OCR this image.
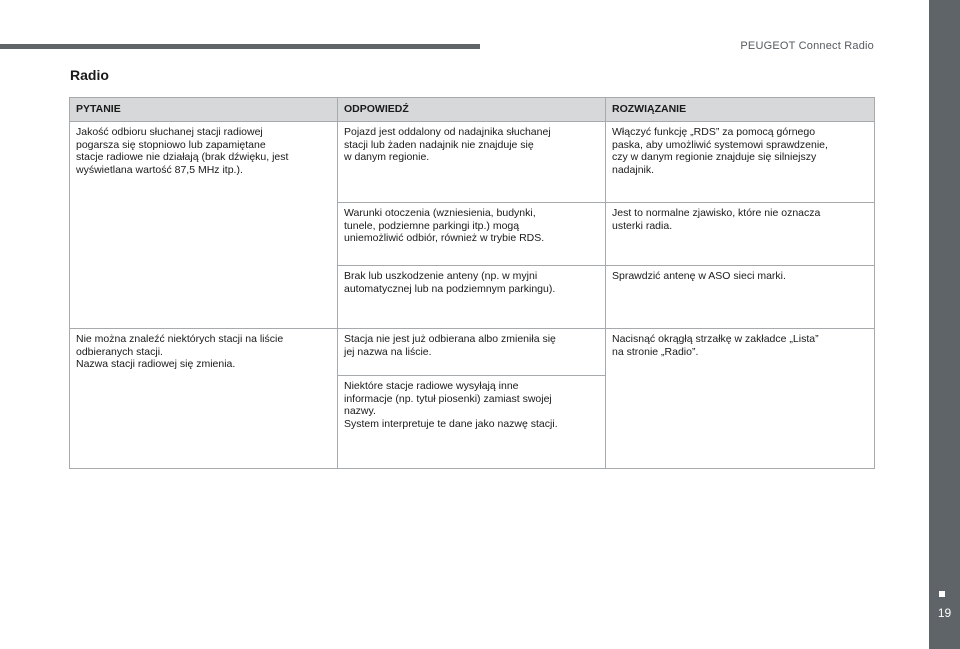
PEUGEOT Connect Radio
19
Radio
PYTANIE	ODPOWIEDŹ	ROZWIĄZANIE

Jakość odbioru słuchanej stacji radiowej
pogarsza się stopniowo lub zapamiętane
stacje radiowe nie działają (brak dźwięku, jest
wyświetlana wartość 87,5 MHz itp.).	Pojazd jest oddalony od nadajnika słuchanej
stacji lub żaden nadajnik nie znajduje się
w danym regionie.	Włączyć funkcję „RDS” za pomocą górnego
paska, aby umożliwić systemowi sprawdzenie,
czy w danym regionie znajduje się silniejszy
nadajnik.

	Warunki otoczenia (wzniesienia, budynki,
tunele, podziemne parkingi itp.) mogą
uniemożliwić odbiór, również w trybie RDS.	Jest to normalne zjawisko, które nie oznacza
usterki radia.

	Brak lub uszkodzenie anteny (np. w myjni
automatycznej lub na podziemnym parkingu).	Sprawdzić antenę w ASO sieci marki.

Nie można znaleźć niektórych stacji na liście
odbieranych stacji.
Nazwa stacji radiowej się zmienia.	Stacja nie jest już odbierana albo zmieniła się
jej nazwa na liście.	Nacisnąć okrągłą strzałkę w zakładce „Lista”
na stronie „Radio”.

	Niektóre stacje radiowe wysyłają inne
informacje (np. tytuł piosenki) zamiast swojej
nazwy.
System interpretuje te dane jako nazwę stacji.	
